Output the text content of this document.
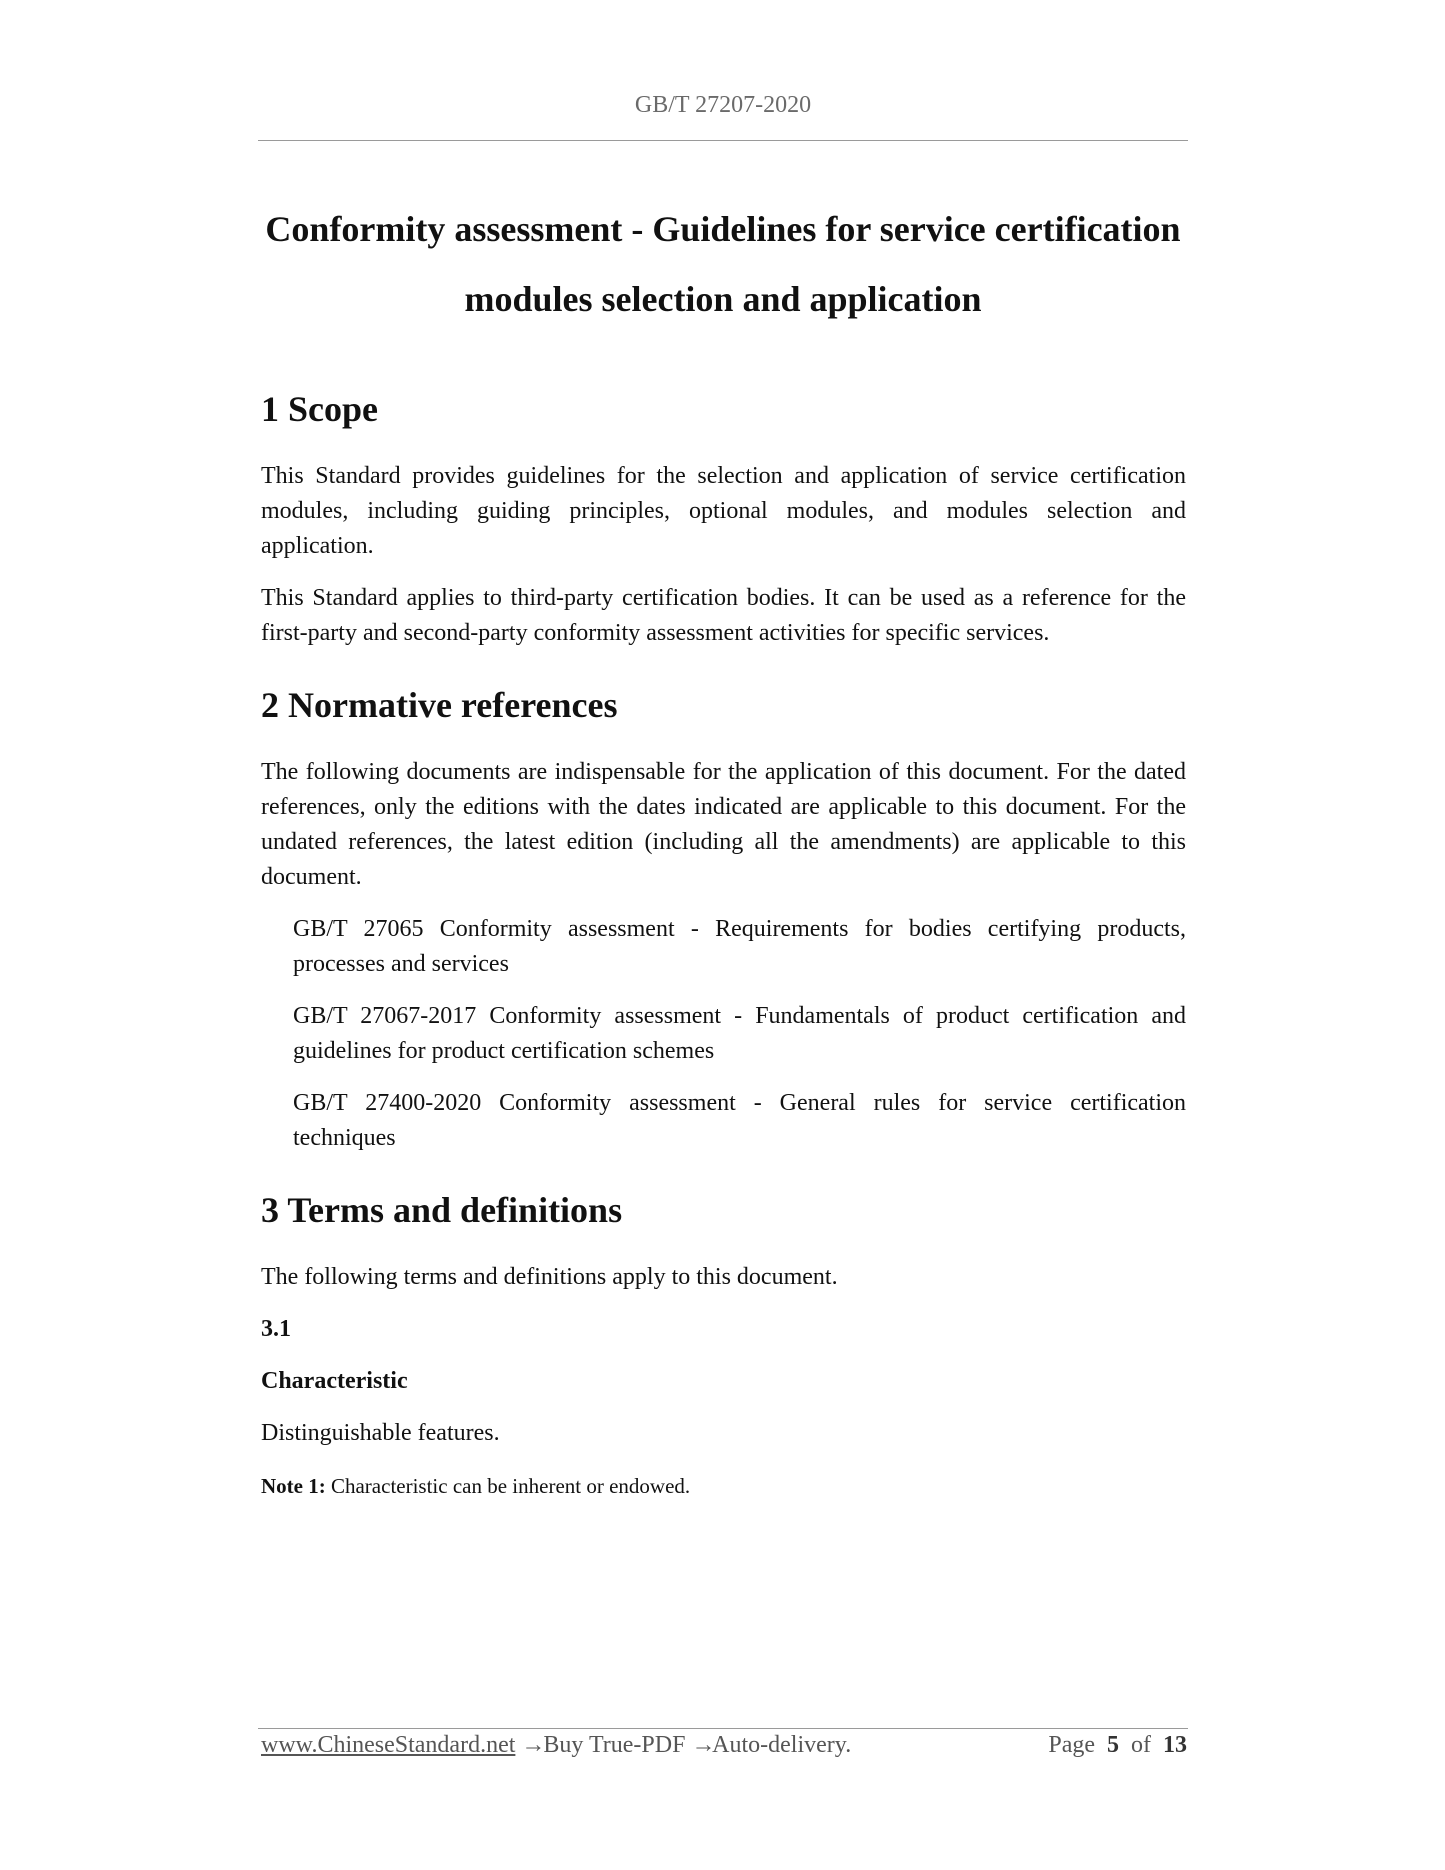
GB/T 27207-2020
Conformity assessment - Guidelines for service certification
modules selection and application
1 Scope

This Standard provides guidelines for the selection and application of service certification modules, including guiding principles, optional modules, and modules selection and application.

This Standard applies to third-party certification bodies. It can be used as a reference for the first-party and second-party conformity assessment activities for specific services.

2 Normative references

The following documents are indispensable for the application of this document. For the dated references, only the editions with the dates indicated are applicable to this document. For the undated references, the latest edition (including all the amendments) are applicable to this document.

GB/T 27065 Conformity assessment - Requirements for bodies certifying products, processes and services

GB/T 27067-2017 Conformity assessment - Fundamentals of product certification and guidelines for product certification schemes

GB/T 27400-2020 Conformity assessment - General rules for service certification techniques

3 Terms and definitions

The following terms and definitions apply to this document.

3.1

Characteristic

Distinguishable features.

Note 1: Characteristic can be inherent or endowed.

www.ChineseStandard.net → Buy True-PDF → Auto-delivery.	Page 5 of 13
